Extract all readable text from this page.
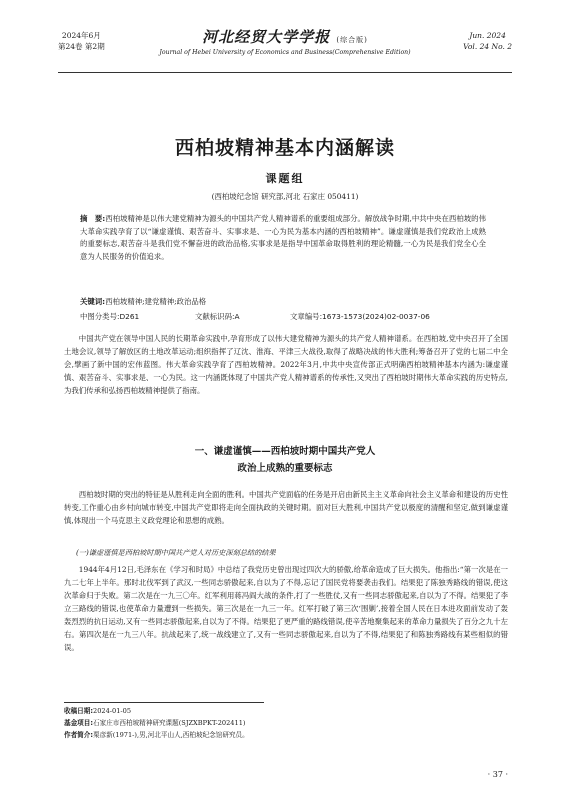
2024年6月
第24卷 第2期
河北经贸大学学报 (综合版)
Journal of Hebei University of Economics and Business(Comprehensive Edition)
Jun. 2024
Vol. 24 No. 2
西柏坡精神基本内涵解读
课题组
(西柏坡纪念馆 研究部,河北 石家庄 050411)
摘　要:西柏坡精神是以伟大建党精神为源头的中国共产党人精神谱系的重要组成部分。解放战争时期,中共中央在西柏坡的伟大革命实践孕育了以“谦虚谨慎、艰苦奋斗、实事求是、一心为民为基本内涵的西柏坡精神”。谦虚谨慎是我们党政治上成熟的重要标志,艰苦奋斗是我们党不懈奋进的政治品格,实事求是是指导中国革命取得胜利的理论精髓,一心为民是我们党全心全意为人民服务的价值追求。
关键词:西柏坡精神;建党精神;政治品格
中图分类号:D261	文献标识码:A	文章编号:1673-1573(2024)02-0037-06

中国共产党在领导中国人民的长期革命实践中,孕育形成了以伟大建党精神为源头的共产党人精神谱系。在西柏坡,党中央召开了全国土地会议,领导了解放区的土地改革运动;组织指挥了辽沈、淮海、平津三大战役,取得了战略决战的伟大胜利;筹备召开了党的七届二中全会,擘画了新中国的宏伟蓝图。伟大革命实践孕育了西柏坡精神。2022年3月,中共中央宣传部正式明确西柏坡精神基本内涵为:谦虚谨慎、艰苦奋斗、实事求是、一心为民。这一内涵既体现了中国共产党人精神谱系的传承性,又突出了西柏坡时期伟大革命实践的历史特点,为我们传承和弘扬西柏坡精神提供了指南。

一、谦虚谨慎——西柏坡时期中国共产党人
政治上成熟的重要标志

西柏坡时期的突出的特征是从胜利走向全面的胜利。中国共产党面临的任务是开启由新民主主义革命向社会主义革命和建设的历史性转变,工作重心由乡村向城市转变,中国共产党即将走向全面执政的关键时期。面对巨大胜利,中国共产党以极度的清醒和坚定,做到谦虚谨慎,体现出一个马克思主义政党理论和思想的成熟。

(一)谦虚谨慎是西柏坡时期中国共产党人对历史深刻总结的结果

1944年4月12日,毛泽东在《学习和时局》中总结了我党历史曾出现过四次大的骄傲,给革命造成了巨大损失。他指出:“第一次是在一九二七年上半年。那时北伐军到了武汉,一些同志骄傲起来,自以为了不得,忘记了国民党将要袭击我们。结果犯了陈独秀路线的错误,使这次革命归于失败。第二次是在一九三〇年。红军利用蒋冯阎大战的条件,打了一些胜仗,又有一些同志骄傲起来,自以为了不得。结果犯了李立三路线的错误,也使革命力量遭到一些损失。第三次是在一九三一年。红军打破了第三次‘围剿’,接着全国人民在日本进攻面前发动了轰轰烈烈的抗日运动,又有一些同志骄傲起来,自以为了不得。结果犯了更严重的路线错误,使辛苦地聚集起来的革命力量损失了百分之九十左右。第四次是在一九三八年。抗战起来了,统一战线建立了,又有一些同志骄傲起来,自以为了不得,结果犯了和陈独秀路线有某些相似的错误。

收稿日期:2024-01-05
基金项目:石家庄市西柏坡精神研究课题(SJZXBPKT-202411)
作者简介:栗彦新(1971-),男,河北平山人,西柏坡纪念馆研究员。
· 37 ·
